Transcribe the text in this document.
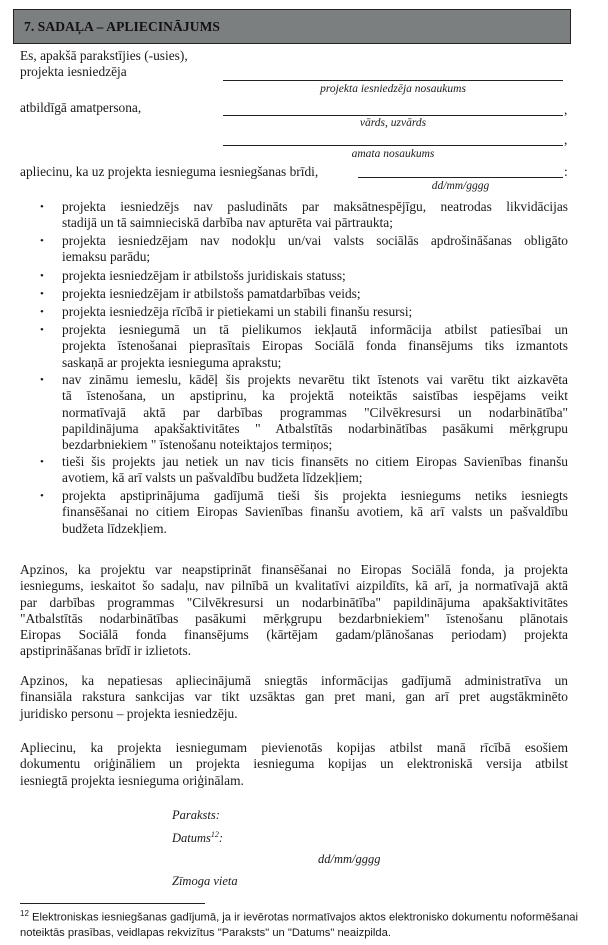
7. SADAĻA – APLIECINĀJUMS
Es, apakšā parakstījies (-usies),
projekta iesniedzēja
projekta iesniedzēja nosaukums
atbildīgā amatpersona,	,
vārds, uzvārds
,
amata nosaukums
apliecinu, ka uz projekta iesnieguma iesniegšanas brīdi,	:
dd/mm/gggg
• projekta iesniedzējs nav pasludināts par maksātnespējīgu, neatrodas likvidācijas
stadijā un tā saimnieciskā darbība nav apturēta vai pārtraukta;
• projekta iesniedzējam nav nodokļu un/vai valsts sociālās apdrošināšanas obligāto
iemaksu parādu;
• projekta iesniedzējam ir atbilstošs juridiskais statuss;
• projekta iesniedzējam ir atbilstošs pamatdarbības veids;
• projekta iesniedzēja rīcībā ir pietiekami un stabili finanšu resursi;
• projekta iesniegumā un tā pielikumos iekļautā informācija atbilst patiesībai un
projekta īstenošanai pieprasītais Eiropas Sociālā fonda finansējums tiks izmantots
saskaņā ar projekta iesnieguma aprakstu;
• nav zināmu iemeslu, kādēļ šis projekts nevarētu tikt īstenots vai varētu tikt aizkavēta
tā īstenošana, un apstiprinu, ka projektā noteiktās saistības iespējams veikt
normatīvajā aktā par darbības programmas "Cilvēkresursi un nodarbinātība"
papildinājuma apakšaktivitātes " Atbalstītās nodarbinātības pasākumi mērķgrupu
bezdarbniekiem " īstenošanu noteiktajos termiņos;
• tieši šis projekts jau netiek un nav ticis finansēts no citiem Eiropas Savienības finanšu
avotiem, kā arī valsts un pašvaldību budžeta līdzekļiem;
• projekta apstiprinājuma gadījumā tieši šis projekta iesniegums netiks iesniegts
finansēšanai no citiem Eiropas Savienības finanšu avotiem, kā arī valsts un pašvaldību
budžeta līdzekļiem.
Apzinos, ka projektu var neapstiprināt finansēšanai no Eiropas Sociālā fonda, ja projekta
iesniegums, ieskaitot šo sadaļu, nav pilnībā un kvalitatīvi aizpildīts, kā arī, ja normatīvajā aktā
par darbības programmas "Cilvēkresursi un nodarbinātība" papildinājuma apakšaktivitātes
"Atbalstītās nodarbinātības pasākumi mērķgrupu bezdarbniekiem" īstenošanu plānotais
Eiropas Sociālā fonda finansējums (kārtējam gadam/plānošanas periodam) projekta
apstiprināšanas brīdī ir izlietots.
Apzinos, ka nepatiesas apliecinājumā sniegtās informācijas gadījumā administratīva un
finansiāla rakstura sankcijas var tikt uzsāktas gan pret mani, gan arī pret augstākminēto
juridisko personu – projekta iesniedzēju.
Apliecinu, ka projekta iesniegumam pievienotās kopijas atbilst manā rīcībā esošiem
dokumentu oriģināliem un projekta iesnieguma kopijas un elektroniskā versija atbilst
iesniegtā projekta iesnieguma oriģinālam.
Paraksts:
Datums$^{12}$:
dd/mm/gggg
Zīmoga vieta
$^{12}$ Elektroniskas iesniegšanas gadījumā, ja ir ievērotas normatīvajos aktos elektronisko dokumentu noformēšanai
noteiktās prasības, veidlapas rekvizītus "Paraksts" un "Datums" neaizpilda.
